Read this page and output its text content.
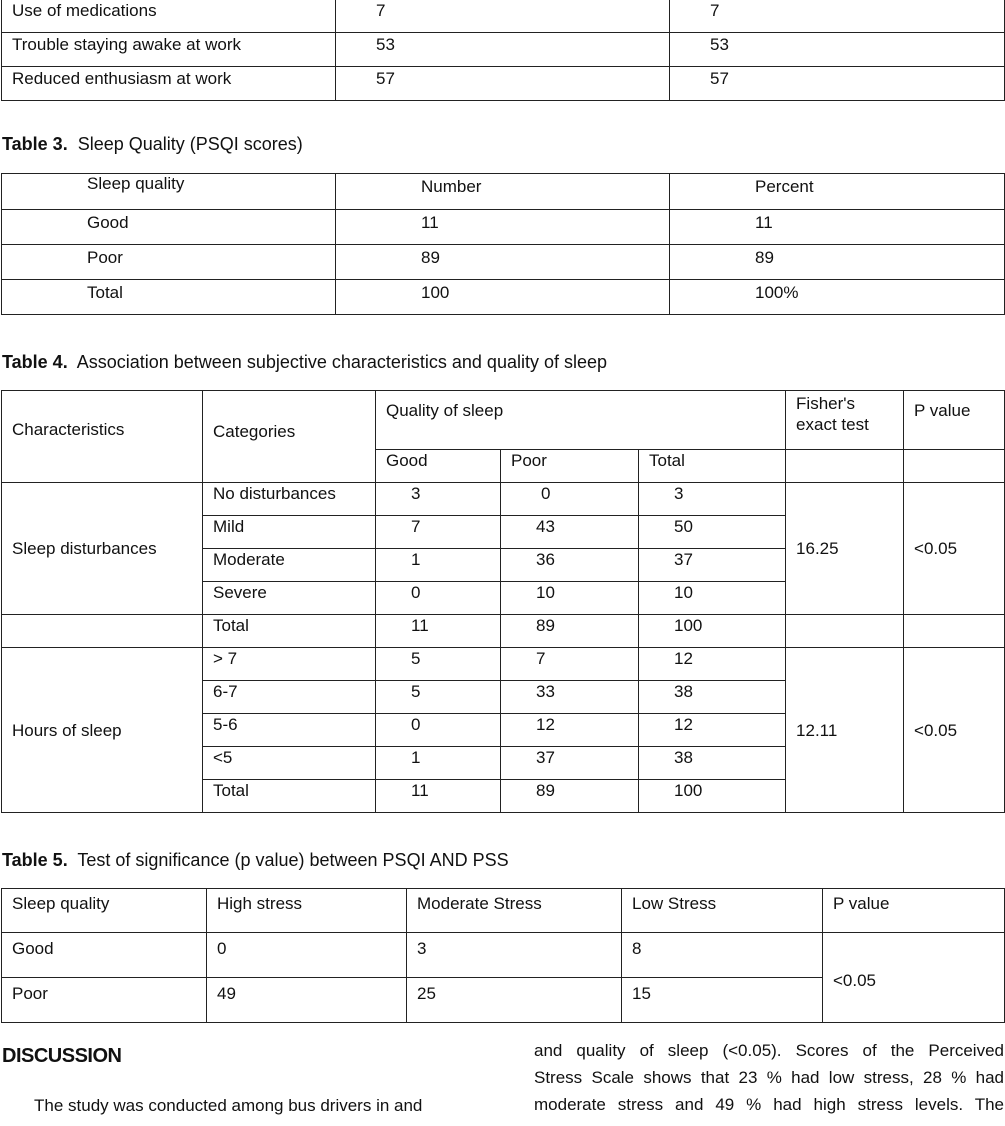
Use of medications	7	7
Trouble staying awake at work	53	53
Reduced enthusiasm at work	57	57
Table 3. Sleep Quality (PSQI scores)
Sleep quality	Number	Percent
Good	11	11
Poor	89	89
Total	100	100%
Table 4. Association between subjective characteristics and quality of sleep
Characteristics	Categories	Quality of sleep			Fisher's exact test	P value
		Good	Poor	Total		
Sleep disturbances	No disturbances	3	0	3	16.25	<0.05
	Mild	7	43	50		
	Moderate	1	36	37		
	Severe	0	10	10		
	Total	11	89	100		
Hours of sleep	> 7	5	7	12	12.11	<0.05
	6-7	5	33	38		
	5-6	0	12	12		
	<5	1	37	38		
	Total	11	89	100		
Table 5. Test of significance (p value) between PSQI AND PSS
Sleep quality	High stress	Moderate Stress	Low Stress	P value
Good	0	3	8	<0.05
Poor	49	25	15	
DISCUSSION
The study was conducted among bus drivers in and
and quality of sleep (<0.05). Scores of the Perceived
Stress Scale shows that 23 % had low stress, 28 % had
moderate stress and 49 % had high stress levels. The
